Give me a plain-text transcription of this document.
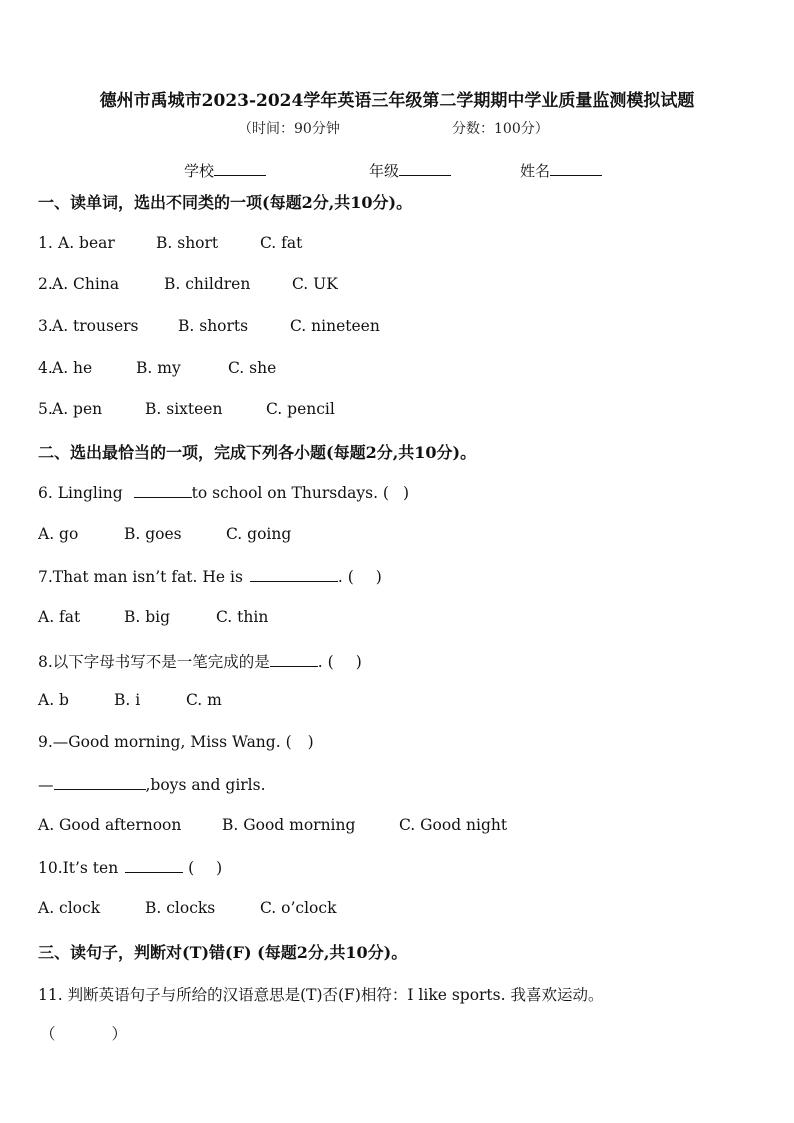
德州市禹城市2023-2024学年英语三年级第二学期期中学业质量监测模拟试题
（时间：90分钟	分数：100分）
学校	年级	姓名
一、读单词，选出不同类的一项(每题2分,共10分)。
1. A. bear	B. short	C. fat
2. A. China	B. children	C. UK
3. A. trousers	B. shorts	C. nineteen
4. A. he	B. my	C. she
5. A. pen	B. sixteen	C. pencil
二、选出最恰当的一项，完成下列各小题(每题2分,共10分)。
6. Lingling	to school on Thursdays. ( )
A. go	B. goes	C. going
7.That man isn’t fat. He is	. ( )
A. fat	B. big	C. thin
8.以下字母书写不是一笔完成的是	. ( )
A. b	B. i	C. m
9.—Good morning, Miss Wang. ( )
—	,boys and girls.
A. Good afternoon	B. Good morning	C. Good night
10.It’s ten	( )
A. clock	B. clocks	C. o’clock
三、读句子，判断对(T)错(F) (每题2分,共10分)。
11. 判断英语句子与所给的汉语意思是(T)否(F)相符：I like sports. 我喜欢运动。
（	）
